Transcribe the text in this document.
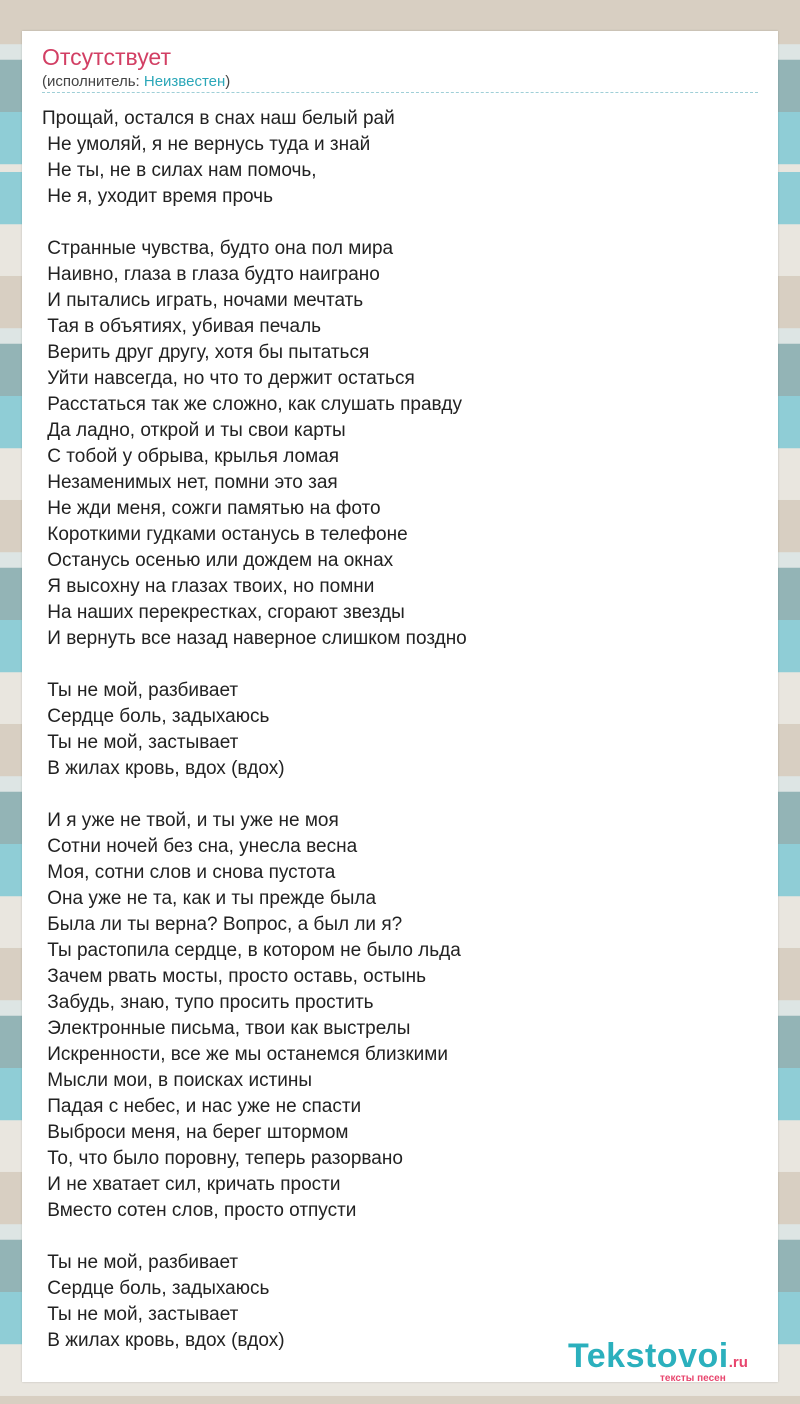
Отсутствует
(исполнитель: Неизвестен)
Прощай, остался в снах наш белый рай
Не умоляй, я не вернусь туда и знай
Не ты, не в силах нам помочь,
Не я, уходит время прочь
Странные чувства, будто она пол мира
Наивно, глаза в глаза будто наиграно
И пытались играть, ночами мечтать
Тая в объятиях, убивая печаль
Верить друг другу, хотя бы пытаться
Уйти навсегда, но что то держит остаться
Расстаться так же сложно, как слушать правду
Да ладно, открой и ты свои карты
С тобой у обрыва, крылья ломая
Незаменимых нет, помни это зая
Не жди меня, сожги памятью на фото
Короткими гудками останусь в телефоне
Останусь осенью или дождем на окнах
Я высохну на глазах твоих, но помни
На наших перекрестках, сгорают звезды
И вернуть все назад наверное слишком поздно
Ты не мой, разбивает
Сердце боль, задыхаюсь
Ты не мой, застывает
В жилах кровь, вдох (вдох)
И я уже не твой, и ты уже не моя
Сотни ночей без сна, унесла весна
Моя, сотни слов и снова пустота
Она уже не та, как и ты прежде была
Была ли ты верна? Вопрос, а был ли я?
Ты растопила сердце, в котором не было льда
Зачем рвать мосты, просто оставь, остынь
Забудь, знаю, тупо просить простить
Электронные письма, твои как выстрелы
Искренности, все же мы останемся близкими
Мысли мои, в поисках истины
Падая с небес, и нас уже не спасти
Выброси меня, на берег штормом
То, что было поровну, теперь разорвано
И не хватает сил, кричать прости
Вместо сотен слов, просто отпусти
Ты не мой, разбивает
Сердце боль, задыхаюсь
Ты не мой, застывает
В жилах кровь, вдох (вдох)	Tekstovoi.ru
тексты песен
